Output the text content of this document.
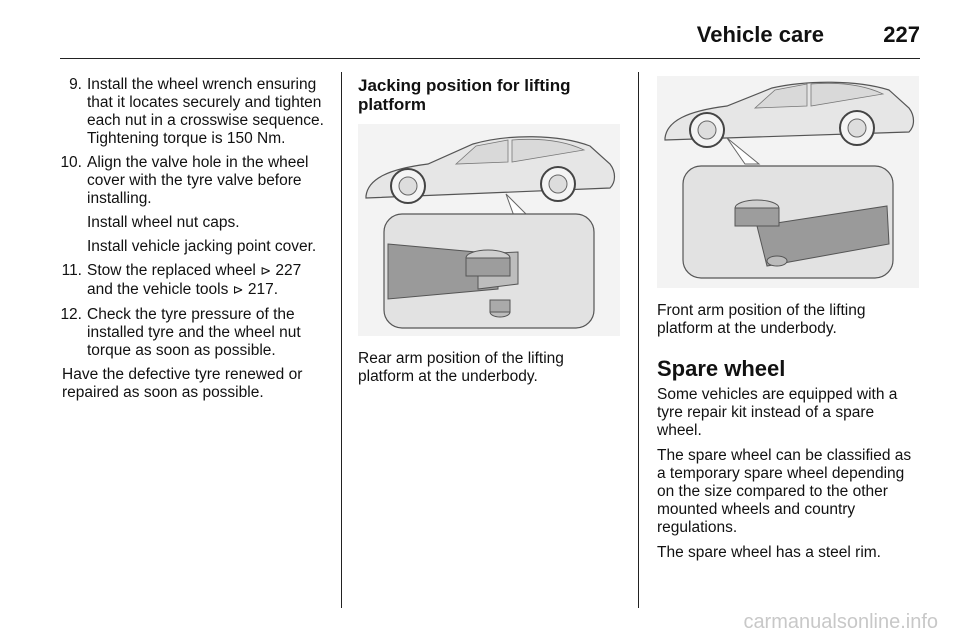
Vehicle care	227
9. Install the wheel wrench ensuring that it locates securely and tighten each nut in a crosswise sequence. Tightening torque is 150 Nm.
10. Align the valve hole in the wheel cover with the tyre valve before installing.
Install wheel nut caps.
Install vehicle jacking point cover.
11. Stow the replaced wheel ⊳ 227
and the vehicle tools ⊳ 217.
12. Check the tyre pressure of the installed tyre and the wheel nut torque as soon as possible.
Have the defective tyre renewed or repaired as soon as possible.
Jacking position for lifting platform
Rear arm position of the lifting platform at the underbody.
Front arm position of the lifting platform at the underbody.
Spare wheel
Some vehicles are equipped with a tyre repair kit instead of a spare wheel.
The spare wheel can be classified as a temporary spare wheel depending on the size compared to the other mounted wheels and country regulations.
The spare wheel has a steel rim.
carmanualsonline.info
